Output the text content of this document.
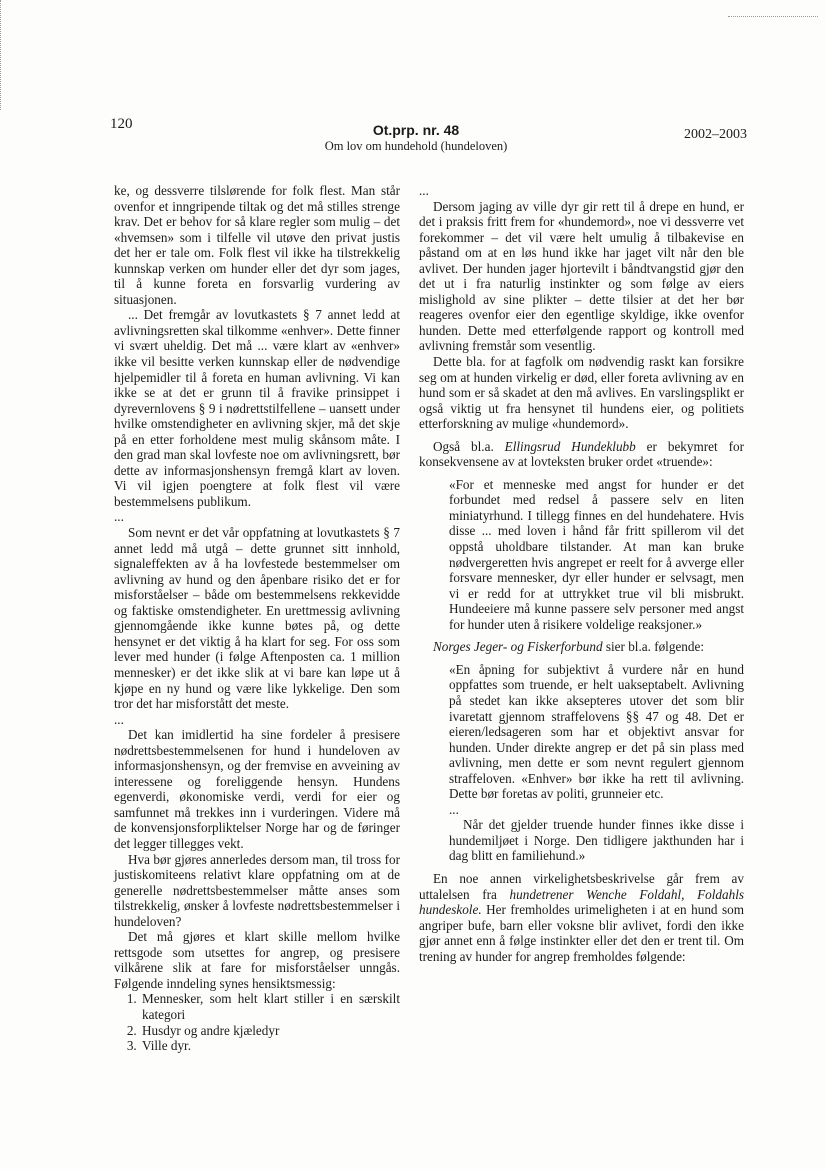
120	Ot.prp. nr. 48
Om lov om hundehold (hundeloven)
2002–2003

ke, og dessverre tilslørende for folk flest. Man står ovenfor et inngripende tiltak og det må stilles strenge krav. Det er behov for så klare regler som mulig – det «hvemsen» som i tilfelle vil utøve den privat justis det her er tale om. Folk flest vil ikke ha tilstrekkelig kunnskap verken om hunder eller det dyr som jages, til å kunne foreta en forsvarlig vurdering av situasjonen.

... Det fremgår av lovutkastets § 7 annet ledd at avlivningsretten skal tilkomme «enhver». Dette finner vi svært uheldig. Det må ... være klart av «enhver» ikke vil besitte verken kunnskap eller de nødvendige hjelpemidler til å foreta en human avlivning. Vi kan ikke se at det er grunn til å fravike prinsippet i dyrevernlovens § 9 i nødrettstilfellene – uansett under hvilke omstendigheter en avlivning skjer, må det skje på en etter forholdene mest mulig skånsom måte. I den grad man skal lovfeste noe om avlivningsrett, bør dette av informasjonshensyn fremgå klart av loven. Vi vil igjen poengtere at folk flest vil være bestemmelsens publikum.

...

Som nevnt er det vår oppfatning at lovutkastets § 7 annet ledd må utgå – dette grunnet sitt innhold, signaleffekten av å ha lovfestede bestemmelser om avlivning av hund og den åpenbare risiko det er for misforståelser – både om bestemmelsens rekkevidde og faktiske omstendigheter. En urettmessig avlivning gjennomgående ikke kunne bøtes på, og dette hensynet er det viktig å ha klart for seg. For oss som lever med hunder (i følge Aftenposten ca. 1 million mennesker) er det ikke slik at vi bare kan løpe ut å kjøpe en ny hund og være like lykkelige. Den som tror det har misforstått det meste.

...

Det kan imidlertid ha sine fordeler å presisere nødrettsbestemmelsenen for hund i hundeloven av informasjonshensyn, og der fremvise en avveining av interessene og foreliggende hensyn. Hundens egenverdi, økonomiske verdi, verdi for eier og samfunnet må trekkes inn i vurderingen. Videre må de konvensjonsforpliktelser Norge har og de føringer det legger tillegges vekt.

Hva bør gjøres annerledes dersom man, til tross for justiskomiteens relativt klare oppfatning om at de generelle nødrettsbestemmelser måtte anses som tilstrekkelig, ønsker å lovfeste nødrettsbestemmelser i hundeloven?

Det må gjøres et klart skille mellom hvilke rettsgode som utsettes for angrep, og presisere vilkårene slik at fare for misforståelser unngås. Følgende inndeling synes hensiktsmessig:

1. Mennesker, som helt klart stiller i en særskilt kategori
2. Husdyr og andre kjæledyr
3. Ville dyr.

...

Dersom jaging av ville dyr gir rett til å drepe en hund, er det i praksis fritt frem for «hundemord», noe vi dessverre vet forekommer – det vil være helt umulig å tilbakevise en påstand om at en løs hund ikke har jaget vilt når den ble avlivet. Der hunden jager hjortevilt i båndtvangstid gjør den det ut i fra naturlig instinkter og som følge av eiers mislighold av sine plikter – dette tilsier at det her bør reageres ovenfor eier den egentlige skyldige, ikke ovenfor hunden. Dette med etterfølgende rapport og kontroll med avlivning fremstår som vesentlig.

Dette bla. for at fagfolk om nødvendig raskt kan forsikre seg om at hunden virkelig er død, eller foreta avlivning av en hund som er så skadet at den må avlives. En varslingsplikt er også viktig ut fra hensynet til hundens eier, og politiets etterforskning av mulige «hundemord».

Også bl.a. Ellingsrud Hundeklubb er bekymret for konsekvensene av at lovteksten bruker ordet «truende»:

«For et menneske med angst for hunder er det forbundet med redsel å passere selv en liten miniatyrhund. I tillegg finnes en del hundehatere. Hvis disse ... med loven i hånd får fritt spillerom vil det oppstå uholdbare tilstander. At man kan bruke nødvergeretten hvis angrepet er reelt for å avverge eller forsvare mennesker, dyr eller hunder er selvsagt, men vi er redd for at uttrykket true vil bli misbrukt. Hundeeiere må kunne passere selv personer med angst for hunder uten å risikere voldelige reaksjoner.»

Norges Jeger- og Fiskerforbund sier bl.a. følgende:

«En åpning for subjektivt å vurdere når en hund oppfattes som truende, er helt uakseptabelt. Avlivning på stedet kan ikke aksepteres utover det som blir ivaretatt gjennom straffelovens §§ 47 og 48. Det er eieren/ledsageren som har et objektivt ansvar for hunden. Under direkte angrep er det på sin plass med avlivning, men dette er som nevnt regulert gjennom straffeloven. «Enhver» bør ikke ha rett til avlivning. Dette bør foretas av politi, grunneier etc.

...

Når det gjelder truende hunder finnes ikke disse i hundemiljøet i Norge. Den tidligere jakthunden har i dag blitt en familiehund.»

En noe annen virkelighetsbeskrivelse går frem av uttalelsen fra hundetrener Wenche Foldahl, Foldahls hundeskole. Her fremholdes urimeligheten i at en hund som angriper bufe, barn eller voksne blir avlivet, fordi den ikke gjør annet enn å følge instinkter eller det den er trent til. Om trening av hunder for angrep fremholdes følgende:
